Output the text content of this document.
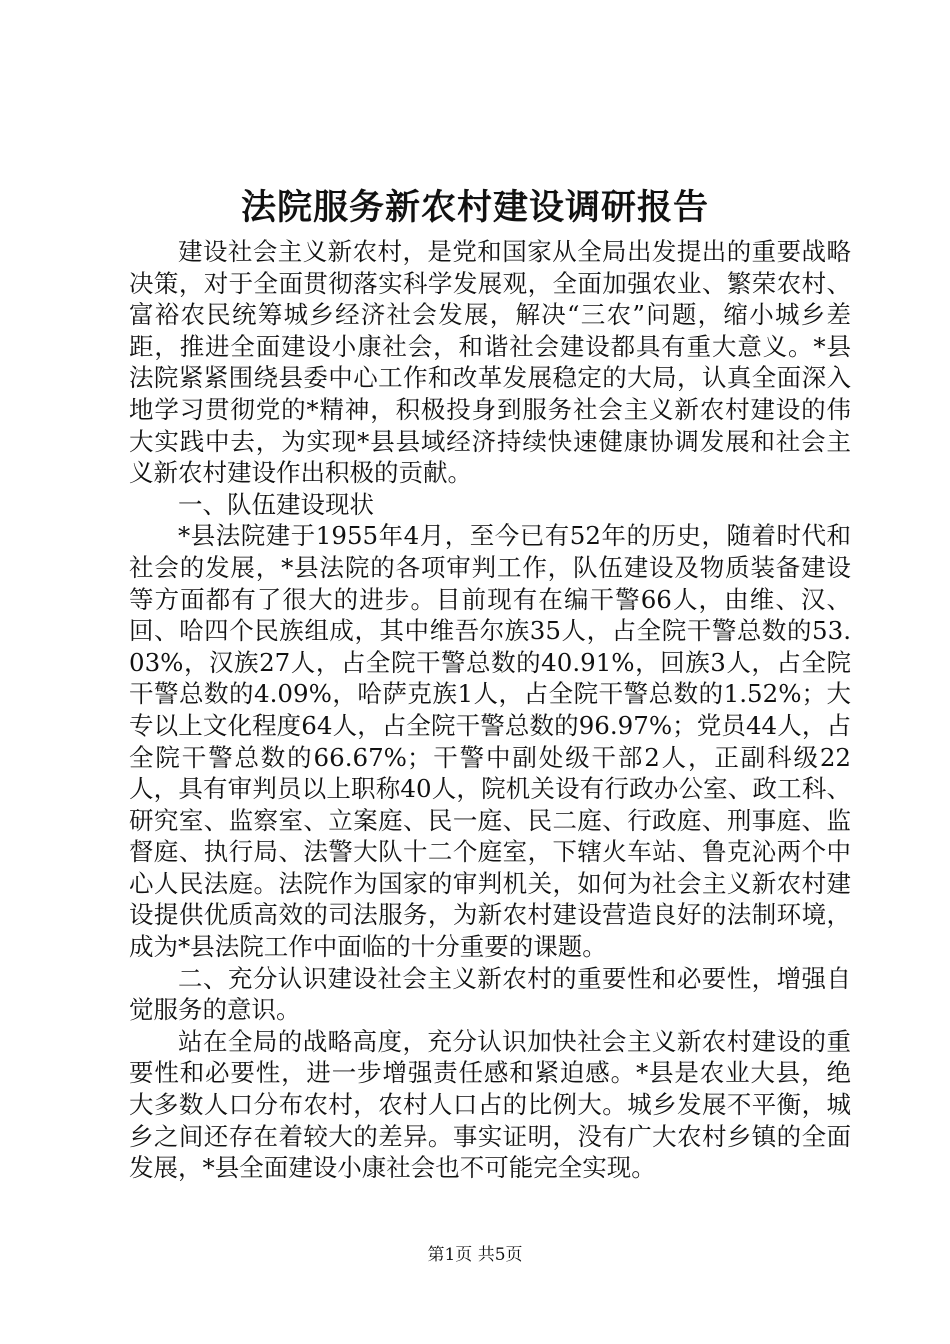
法院服务新农村建设调研报告

建设社会主义新农村，是党和国家从全局出发提出的重要战略决策，对于全面贯彻落实科学发展观，全面加强农业、繁荣农村、富裕农民统筹城乡经济社会发展，解决“三农”问题，缩小城乡差距，推进全面建设小康社会，和谐社会建设都具有重大意义。*县法院紧紧围绕县委中心工作和改革发展稳定的大局，认真全面深入地学习贯彻党的*精神，积极投身到服务社会主义新农村建设的伟大实践中去，为实现*县县域经济持续快速健康协调发展和社会主义新农村建设作出积极的贡献。

一、队伍建设现状

*县法院建于1955年4月，至今已有52年的历史，随着时代和社会的发展，*县法院的各项审判工作，队伍建设及物质装备建设等方面都有了很大的进步。目前现有在编干警66人，由维、汉、回、哈四个民族组成，其中维吾尔族35人，占全院干警总数的53.03%，汉族27人，占全院干警总数的40.91%，回族3人，占全院干警总数的4.09%，哈萨克族1人，占全院干警总数的1.52%；大专以上文化程度64人，占全院干警总数的96.97%；党员44人，占全院干警总数的66.67%；干警中副处级干部2人，正副科级22人，具有审判员以上职称40人，院机关设有行政办公室、政工科、研究室、监察室、立案庭、民一庭、民二庭、行政庭、刑事庭、监督庭、执行局、法警大队十二个庭室，下辖火车站、鲁克沁两个中心人民法庭。法院作为国家的审判机关，如何为社会主义新农村建设提供优质高效的司法服务，为新农村建设营造良好的法制环境，成为*县法院工作中面临的十分重要的课题。

二、充分认识建设社会主义新农村的重要性和必要性，增强自觉服务的意识。

站在全局的战略高度，充分认识加快社会主义新农村建设的重要性和必要性，进一步增强责任感和紧迫感。*县是农业大县，绝大多数人口分布农村，农村人口占的比例大。城乡发展不平衡，城乡之间还存在着较大的差异。事实证明，没有广大农村乡镇的全面发展，*县全面建设小康社会也不可能完全实现。

第1页 共5页
